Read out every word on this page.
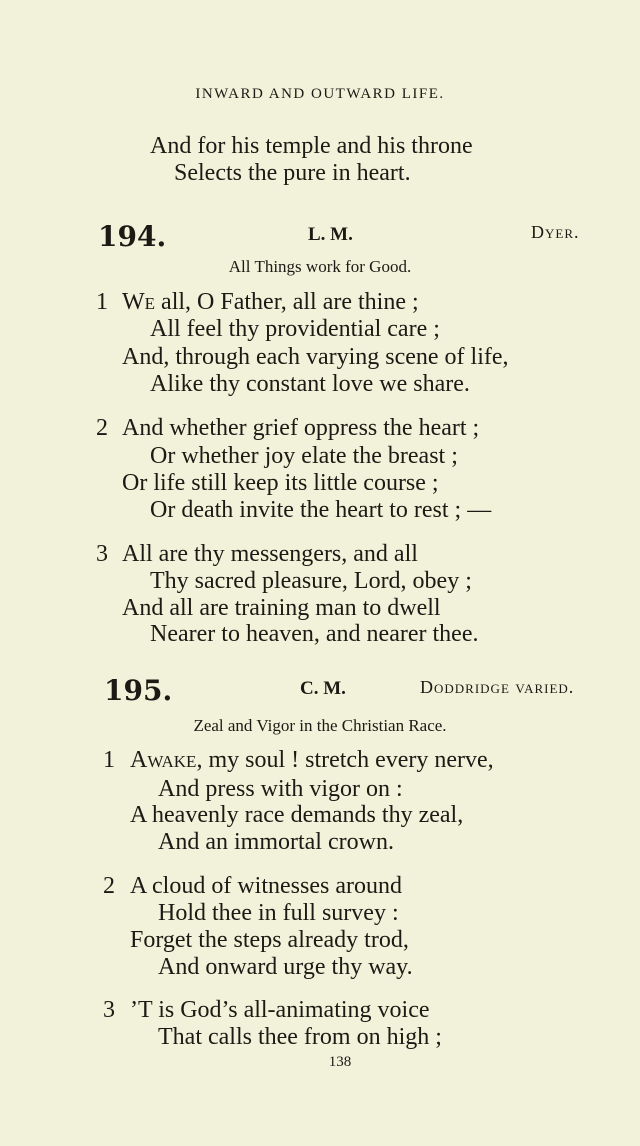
INWARD AND OUTWARD LIFE.
And for his temple and his throne
Selects the pure in heart.
194.	L. M.	Dyer.
All Things work for Good.
195.	C. M.	Doddridge varied.
Zeal and Vigor in the Christian Race.
1 We all, O Father, all are thine ;
All feel thy providential care ;
And, through each varying scene of life,
Alike thy constant love we share.
2 And whether grief oppress the heart ;
Or whether joy elate the breast ;
Or life still keep its little course ;
Or death invite the heart to rest ; —
3 All are thy messengers, and all
Thy sacred pleasure, Lord, obey ;
And all are training man to dwell
Nearer to heaven, and nearer thee.
1 Awake, my soul ! stretch every nerve,
And press with vigor on :
A heavenly race demands thy zeal,
And an immortal crown.
2 A cloud of witnesses around
Hold thee in full survey :
Forget the steps already trod,
And onward urge thy way.
3 ’T is God’s all-animating voice
That calls thee from on high ;
138
